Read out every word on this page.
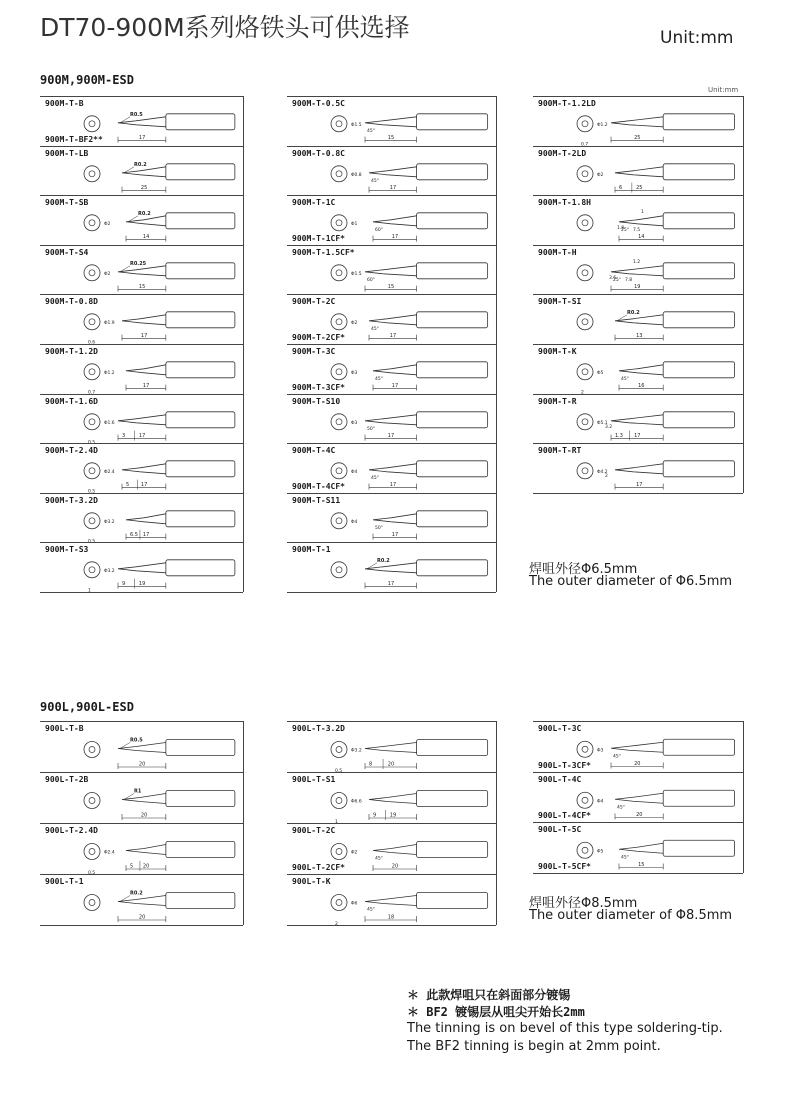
DT70-900M系列烙铁头可供选择	Unit:mm
900M,900M-ESD
Unit:mm
900M-T-B
900M-T-BF2**	17
R0.5
900M-T-LB
25
R0.2
900M-T-SB
14
R0.2
Φ2
900M-T-S4
15
R0.25
Φ2
900M-T-0.8D
17
Φ1.9
0.6
900M-T-1.2D
17
Φ1.2
0.7
900M-T-1.6D
17
3
Φ1.6
0.5
900M-T-2.4D
17
5
Φ2.4
0.5
900M-T-3.2D
17
6.5
Φ3.2
0.5
900M-T-S3
19
9
Φ3.2
1
900M-T-0.5C
15
Φ1.5
45°
900M-T-0.8C
17
Φ0.8
45°
900M-T-1C
900M-T-1CF*	17
Φ1
60°
900M-T-1.5CF*
15
Φ1.5
60°
900M-T-2C
900M-T-2CF*	17
Φ2
45°
900M-T-3C
900M-T-3CF*	17
Φ3
45°
900M-T-S10
17
Φ3
50°
900M-T-4C
900M-T-4CF*	17
Φ4
45°
900M-T-S11
17
Φ4
50°
900M-T-1
17
R0.2
900M-T-1.2LD
25
Φ1.2
0.7
900M-T-2LD
25
6
Φ2
900M-T-1.8H
14
25°
1
1.8 7.5
900M-T-H
19
25°
1.2
3.6 7.8
900M-T-SI
13
R0.2
900M-T-K
16
Φ5
2
45°
900M-T-R
17
1.3
Φ5.1
3.2
900M-T-RT
17
Φ4.2
2
焊咀外径Φ6.5mm
The outer diameter of Φ6.5mm
900L,900L-ESD
900L-T-B
20
R0.5
900L-T-2B
20
R1
900L-T-2.4D
20
5
Φ2.4
0.5
900L-T-1
20
R0.2
900L-T-3.2D
20
8
Φ3.2
0.5
900L-T-S1
19
9
Φ6.6
1
900L-T-2C
900L-T-2CF*	20
Φ2
45°
900L-T-K
18
Φ6
2
45°
900L-T-3C
900L-T-3CF*	20
Φ3
45°
900L-T-4C
900L-T-4CF*	20
Φ4
45°
900L-T-5C
900L-T-5CF*	15
Φ5
45°
焊咀外径Φ8.5mm
The outer diameter of Φ8.5mm
＊ 此款焊咀只在斜面部分镀锡
＊ BF2 镀锡层从咀尖开始长2mm
The tinning is on bevel of this type soldering-tip.
The BF2 tinning is begin at 2mm point.
